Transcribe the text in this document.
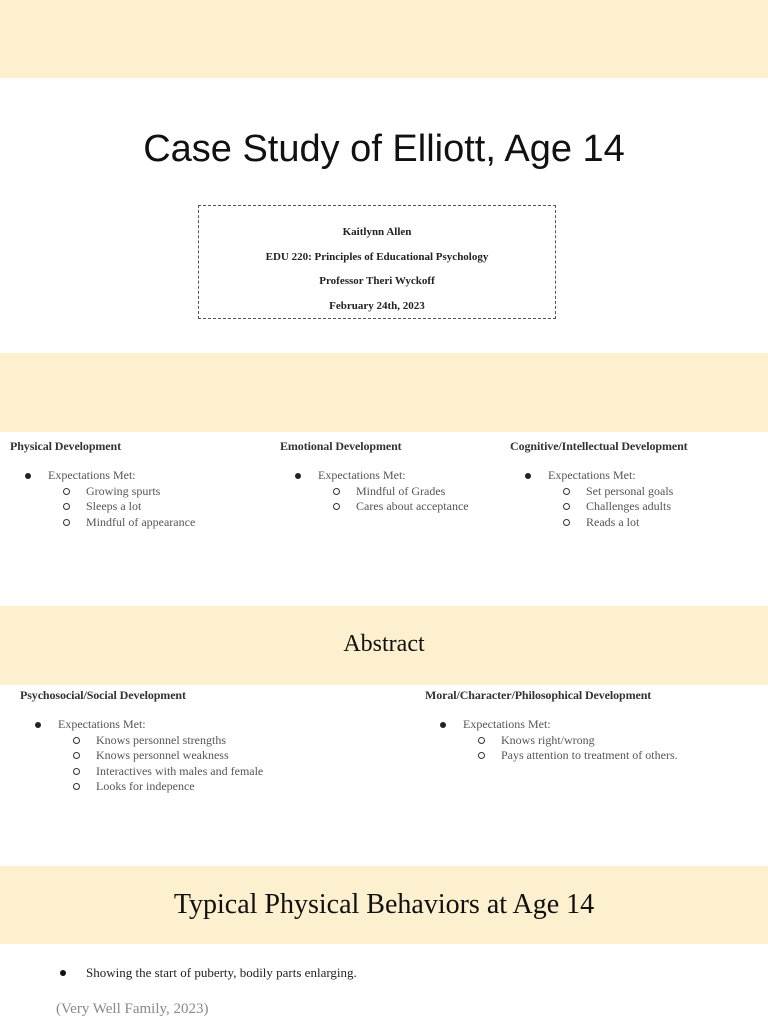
Case Study of Elliott, Age 14
Kaitlynn Allen
EDU 220: Principles of Educational Psychology
Professor Theri Wyckoff
February 24th, 2023
Physical Development
Expectations Met:
Growing spurts
Sleeps a lot
Mindful of appearance
Emotional Development
Expectations Met:
Mindful of Grades
Cares about acceptance
Cognitive/Intellectual Development
Expectations Met:
Set personal goals
Challenges adults
Reads a lot
Abstract
Psychosocial/Social Development
Expectations Met:
Knows personnel strengths
Knows personnel weakness
Interactives with males and female
Looks for indepence
Moral/Character/Philosophical Development
Expectations Met:
Knows right/wrong
Pays attention to treatment of others.
Typical Physical Behaviors at Age 14
Showing the start of puberty, bodily parts enlarging.
(Very Well Family, 2023)
